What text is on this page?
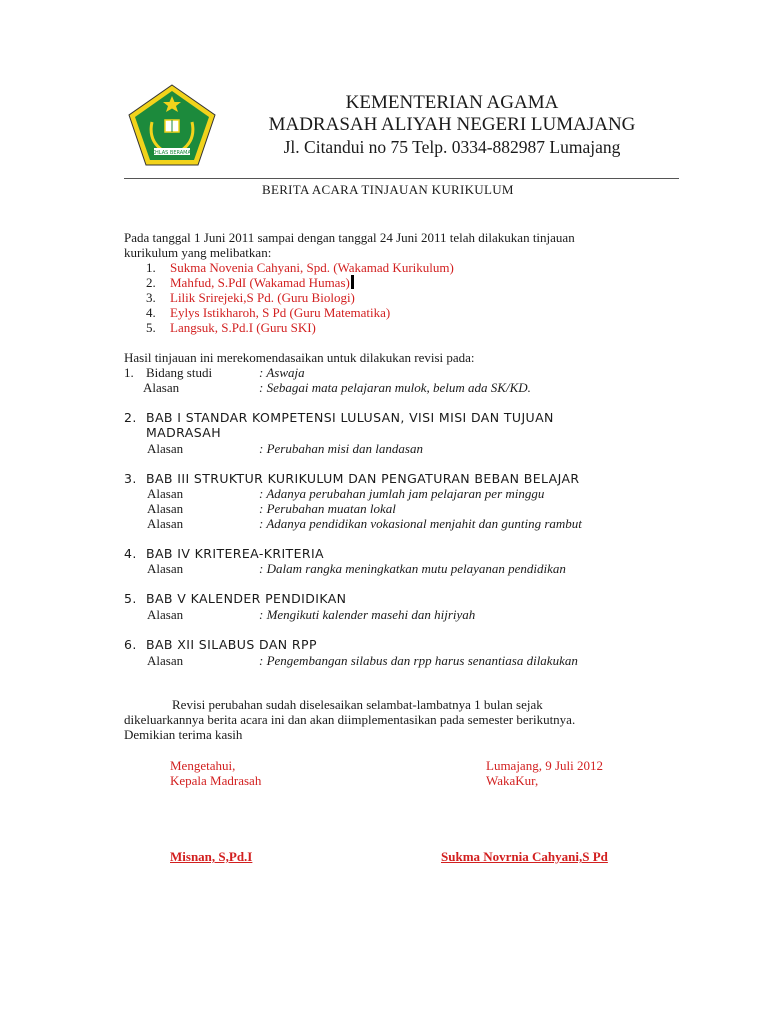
IKHLAS BERAMAL
KEMENTERIAN AGAMA
MADRASAH ALIYAH NEGERI LUMAJANG
Jl. Citandui no 75 Telp. 0334-882987 Lumajang
BERITA ACARA TINJAUAN KURIKULUM
Pada tanggal 1 Juni 2011 sampai dengan tanggal 24 Juni 2011 telah dilakukan tinjauan
kurikulum yang melibatkan:
1.	Sukma Novenia Cahyani, Spd. (Wakamad Kurikulum)
2.	Mahfud, S.PdI (Wakamad Humas)
3.	Lilik Srirejeki,S Pd. (Guru Biologi)
4.	Eylys Istikharoh, S Pd (Guru Matematika)
5.	Langsuk, S.Pd.I (Guru SKI)
Hasil tinjauan ini merekomendasaikan untuk dilakukan revisi pada:
1. Bidang studi	: Aswaja
Alasan	: Sebagai mata pelajaran mulok, belum ada SK/KD.
2. BAB I STANDAR KOMPETENSI LULUSAN, VISI MISI DAN TUJUAN
MADRASAH
Alasan	: Perubahan misi dan landasan
3. BAB III STRUKTUR KURIKULUM DAN PENGATURAN BEBAN BELAJAR
Alasan	: Adanya perubahan jumlah jam pelajaran per minggu
Alasan	: Perubahan muatan lokal
Alasan	: Adanya pendidikan vokasional menjahit dan gunting rambut
4. BAB IV KRITEREA-KRITERIA
Alasan	: Dalam rangka meningkatkan mutu pelayanan pendidikan
5. BAB V KALENDER PENDIDIKAN
Alasan	: Mengikuti kalender masehi dan hijriyah
6. BAB XII SILABUS DAN RPP
Alasan	: Pengembangan silabus dan rpp harus senantiasa dilakukan
Revisi perubahan sudah diselesaikan selambat-lambatnya 1 bulan sejak
dikeluarkannya berita acara ini dan akan diimplementasikan pada semester berikutnya.
Demikian terima kasih
Mengetahui,
Kepala Madrasah
Lumajang, 9 Juli 2012
WakaKur,
Misnan, S,Pd.I	Sukma Novrnia Cahyani,S Pd
